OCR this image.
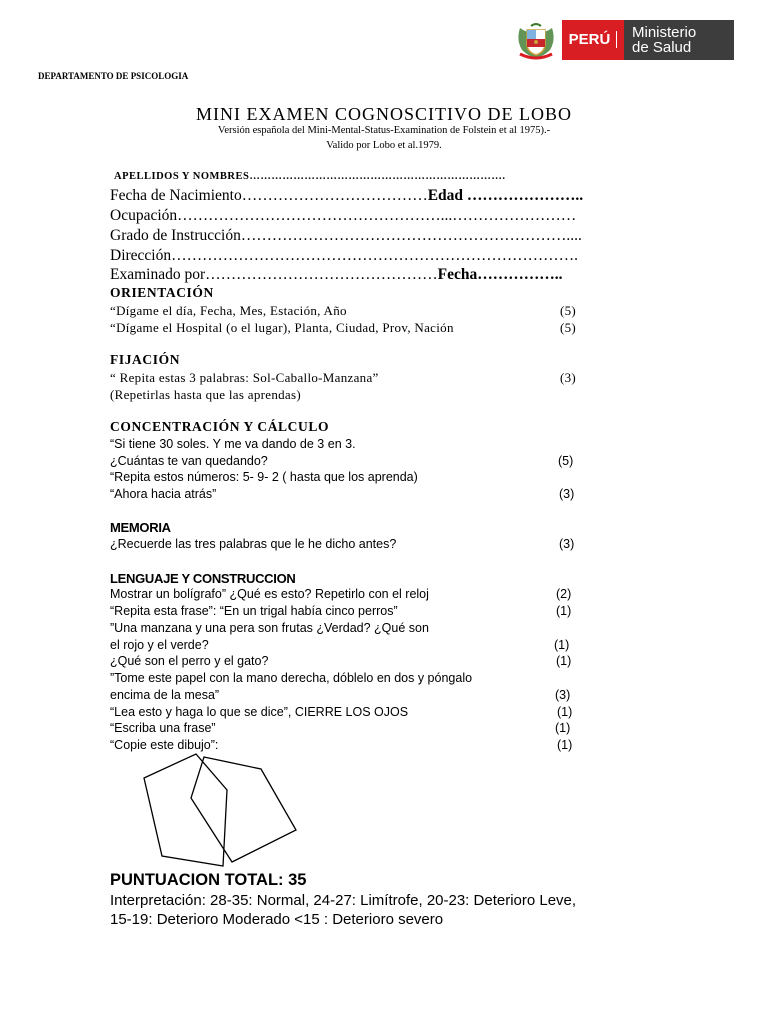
PERÚ	Ministerio
de Salud
DEPARTAMENTO DE PSICOLOGIA
MINI EXAMEN COGNOSCITIVO DE LOBO
Versión española del Mini-Mental-Status-Examination de Folstein et al 1975).-
Valido por Lobo et al.1979.
APELLIDOS Y NOMBRES…………………………………………………………….
Fecha de Nacimiento………………………………Edad …………………..
Ocupación……………………………………………...……………………
Grado de Instrucción………………………………………………………....
Dirección…………………………………………………………………….
Examinado por………………………………………Fecha……………..
ORIENTACIÓN
“Dígame el día, Fecha, Mes, Estación, Año	(5)
“Dígame el Hospital (o el lugar), Planta, Ciudad, Prov, Nación	(5)
FIJACIÓN
“ Repita estas 3 palabras: Sol-Caballo-Manzana”	(3)
(Repetirlas hasta que las aprendas)
CONCENTRACIÓN Y CÁLCULO
“Si tiene 30 soles. Y me va dando de 3 en 3.
¿Cuántas te van quedando?	(5)
“Repita estos números: 5- 9- 2 ( hasta que los aprenda)
“Ahora hacia atrás”	(3)
MEMORIA
¿Recuerde las tres palabras que le he dicho antes?	(3)
LENGUAJE Y CONSTRUCCION
Mostrar un bolígrafo” ¿Qué es esto? Repetirlo con el reloj	(2)
“Repita esta frase”: “En un trigal había cinco perros”	(1)
”Una manzana y una pera son frutas ¿Verdad? ¿Qué son
el rojo y el verde?	(1)
¿Qué son el perro y el gato?	(1)
”Tome este papel con la mano derecha, dóblelo en dos y póngalo
encima de la mesa”	(3)
“Lea esto y haga lo que se dice”, CIERRE LOS OJOS	(1)
“Escriba una frase”	(1)
“Copie este dibujo”:	(1)
PUNTUACION TOTAL: 35
Interpretación: 28-35: Normal, 24-27: Limítrofe, 20-23: Deterioro Leve,
15-19: Deterioro Moderado <15 : Deterioro severo
